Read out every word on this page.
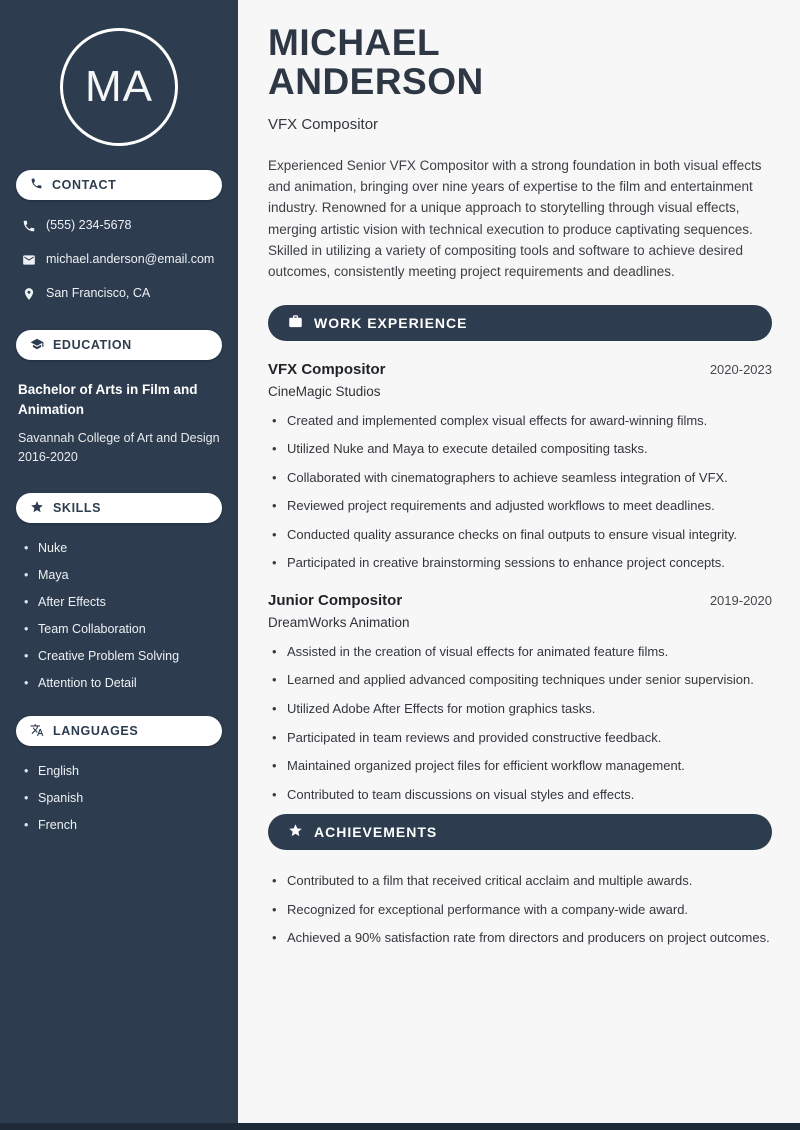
MA
CONTACT
(555) 234-5678
michael.anderson@email.com
San Francisco, CA
EDUCATION
Bachelor of Arts in Film and Animation
Savannah College of Art and Design
2016-2020
SKILLS
• Nuke
• Maya
• After Effects
• Team Collaboration
• Creative Problem Solving
• Attention to Detail
LANGUAGES
• English
• Spanish
• French
MICHAEL
ANDERSON
VFX Compositor

Experienced Senior VFX Compositor with a strong foundation in both visual effects and animation, bringing over nine years of expertise to the film and entertainment industry. Renowned for a unique approach to storytelling through visual effects, merging artistic vision with technical execution to produce captivating sequences. Skilled in utilizing a variety of compositing tools and software to achieve desired outcomes, consistently meeting project requirements and deadlines.

WORK EXPERIENCE
VFX Compositor	2020-2023
CineMagic Studios
• Created and implemented complex visual effects for award-winning films.
• Utilized Nuke and Maya to execute detailed compositing tasks.
• Collaborated with cinematographers to achieve seamless integration of VFX.
• Reviewed project requirements and adjusted workflows to meet deadlines.
• Conducted quality assurance checks on final outputs to ensure visual integrity.
• Participated in creative brainstorming sessions to enhance project concepts.
Junior Compositor	2019-2020
DreamWorks Animation
• Assisted in the creation of visual effects for animated feature films.
• Learned and applied advanced compositing techniques under senior supervision.
• Utilized Adobe After Effects for motion graphics tasks.
• Participated in team reviews and provided constructive feedback.
• Maintained organized project files for efficient workflow management.
• Contributed to team discussions on visual styles and effects.
ACHIEVEMENTS
• Contributed to a film that received critical acclaim and multiple awards.
• Recognized for exceptional performance with a company-wide award.
• Achieved a 90% satisfaction rate from directors and producers on project outcomes.
